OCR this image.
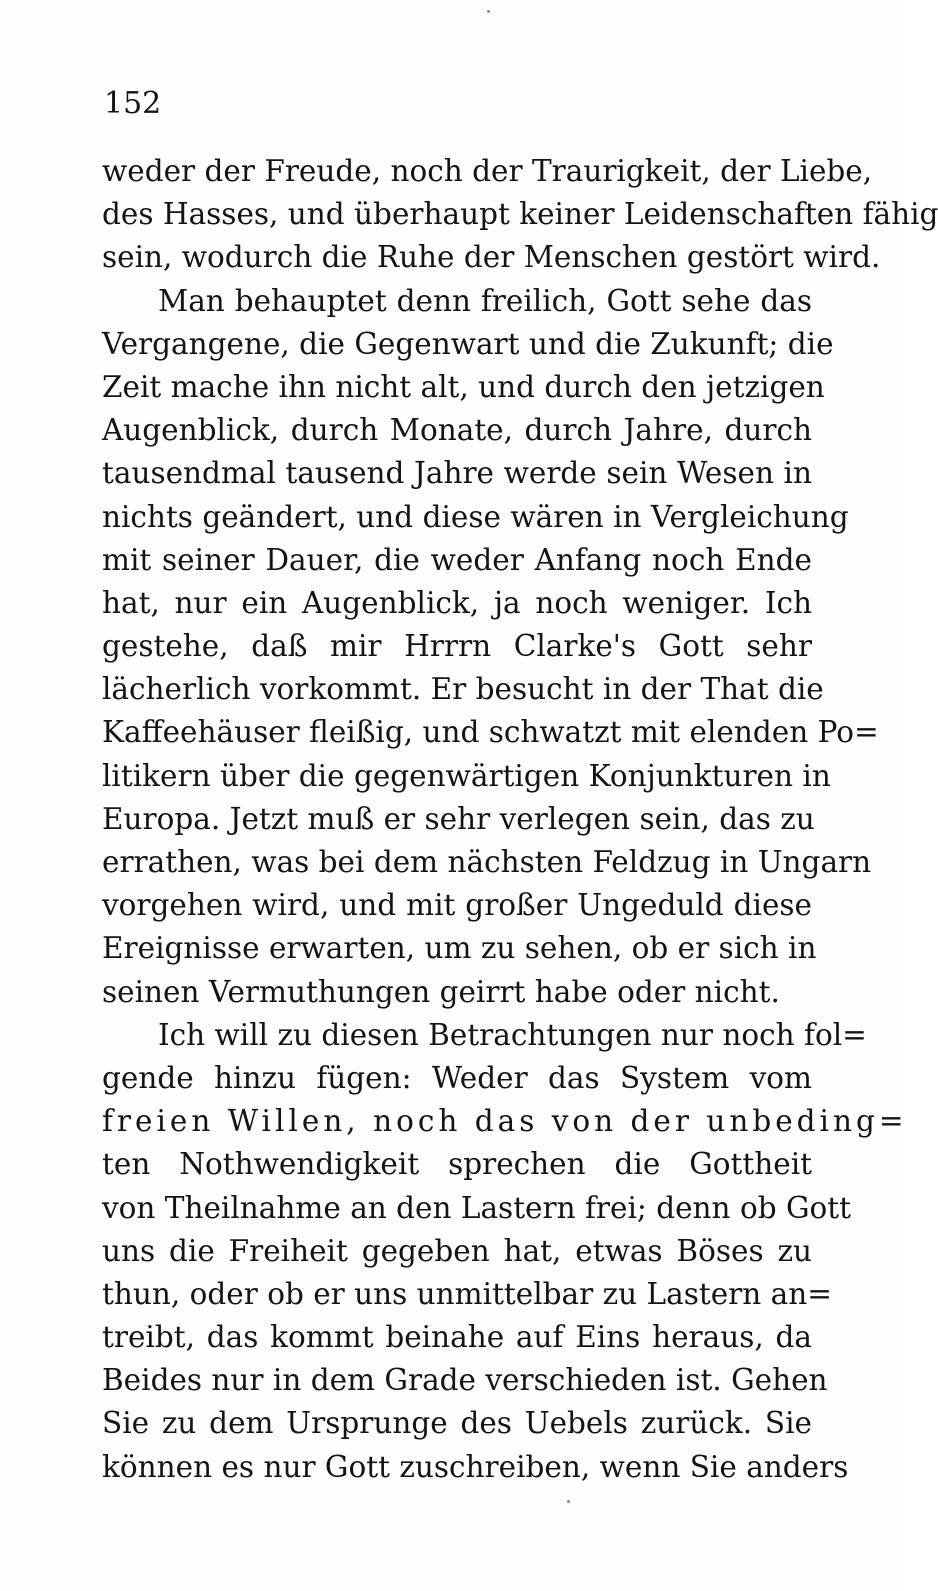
152
weder der Freude, noch der Traurigkeit, der Liebe,
des Hasses, und überhaupt keiner Leidenschaften fähig
sein, wodurch die Ruhe der Menschen gestört wird.
Man behauptet denn freilich, Gott sehe das
Vergangene, die Gegenwart und die Zukunft; die
Zeit mache ihn nicht alt, und durch den jetzigen
Augenblick, durch Monate, durch Jahre, durch
tausendmal tausend Jahre werde sein Wesen in
nichts geändert, und diese wären in Vergleichung
mit seiner Dauer, die weder Anfang noch Ende
hat, nur ein Augenblick, ja noch weniger. Ich
gestehe, daß mir Hrrrn Clarke's Gott sehr
lächerlich vorkommt. Er besucht in der That die
Kaffeehäuser fleißig, und schwatzt mit elenden Po=
litikern über die gegenwärtigen Konjunkturen in
Europa. Jetzt muß er sehr verlegen sein, das zu
errathen, was bei dem nächsten Feldzug in Ungarn
vorgehen wird, und mit großer Ungeduld diese
Ereignisse erwarten, um zu sehen, ob er sich in
seinen Vermuthungen geirrt habe oder nicht.
Ich will zu diesen Betrachtungen nur noch fol=
gende hinzu fügen: Weder das System vom
freien Willen, noch das von der unbeding=
ten Nothwendigkeit sprechen die Gottheit
von Theilnahme an den Lastern frei; denn ob Gott
uns die Freiheit gegeben hat, etwas Böses zu
thun, oder ob er uns unmittelbar zu Lastern an=
treibt, das kommt beinahe auf Eins heraus, da
Beides nur in dem Grade verschieden ist. Gehen
Sie zu dem Ursprunge des Uebels zurück. Sie
können es nur Gott zuschreiben, wenn Sie anders
